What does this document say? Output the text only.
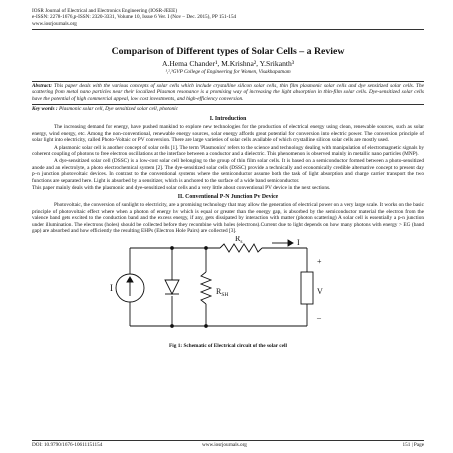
IOSR Journal of Electrical and Electronics Engineering (IOSR-JEEE)
e-ISSN: 2278-1676,p-ISSN: 2320-3331, Volume 10, Issue 6 Ver. I (Nov – Dec. 2015), PP 151-154
www.iosrjournals.org
Comparison of Different types of Solar Cells – a Review
A.Hema Chander¹, M.Krishna², Y.Srikanth³
¹,²,³GVP College of Engineering for Women, Visakhapatnam
Abstract: This paper deals with the various concepts of solar cells which include crystalline silicon solar cells, thin film plasmonic solar cells and dye sensitized solar cells. The scattering from metal nano particles near their localized Plasmon resonance is a promising way of increasing the light absorption in thin-film solar cells. Dye-sensitized solar cells have the potential of high commercial appeal, low cost investments, and high-efficiency conversion.
Key words : Plasmonic solar cell, Dye sensitized solar cell, photonic
I. Introduction

The increasing demand for energy, have pushed mankind to explore new technologies for the production of electrical energy using clean, renewable sources, such as solar energy, wind energy, etc. Among the non-conventional, renewable energy sources, solar energy affords great potential for conversion into electric power. The conversion principle of solar light into electricity, called Photo-Voltaic or PV conversion. There are large varieties of solar cells available of which crystalline silicon solar cells are mostly used.

A plasmonic solar cell is another concept of solar cells [1]. The term 'Plasmonics' refers to the science and technology dealing with manipulation of electromagnetic signals by coherent coupling of photons to free electron oscillations at the interface between a conductor and a dielectric. This phenomenon is observed mainly in metallic nano particles (MNP).

A dye-sensitized solar cell (DSSC) is a low-cost solar cell belonging to the group of thin film solar cells. It is based on a semiconductor formed between a photo-sensitized anode and an electrolyte, a photo electrochemical system [2]. The dye-sensitized solar cells (DSSC) provide a technically and economically credible alternative concept to present day p–n junction photovoltaic devices. In contrast to the conventional systems where the semiconductor assume both the task of light absorption and charge carrier transport the two functions are separated here. Light is absorbed by a sensitizer, which is anchored to the surface of a wide band semiconductor.

This paper mainly deals with the plasmonic and dye-sensitized solar cells and a very little about conventional PV device in the next sections.

II. Conventional P-N Junction Pv Device

Photovoltaic, the conversion of sunlight to electricity, are a promising technology that may allow the generation of electrical power on a very large scale. It works on the basic principle of photovoltaic effect where when a photon of energy hv which is equal or greater than the energy gap, is absorbed by the semiconductor material the electron from the valence band gets excited to the conduction band and the excess energy, if any, gets dissipated by interaction with matter (photon scattering) A solar cell is essentially a p-n junction under illumination. The electrons (holes) should be collected before they recombine with holes (electrons).Current due to light depends on how many photons with energy > EG (band gap) are absorbed and how efficiently the resulting EHPs (Electron Hole Pairs) are collected [3].

I	$R_{SH}$
$R_s$	I
+
V
–
Fig 1: Schematic of Electrical circuit of the solar cell
DOI: 10.9790/1676-10611151154	www.iosrjournals.org	151 | Page
